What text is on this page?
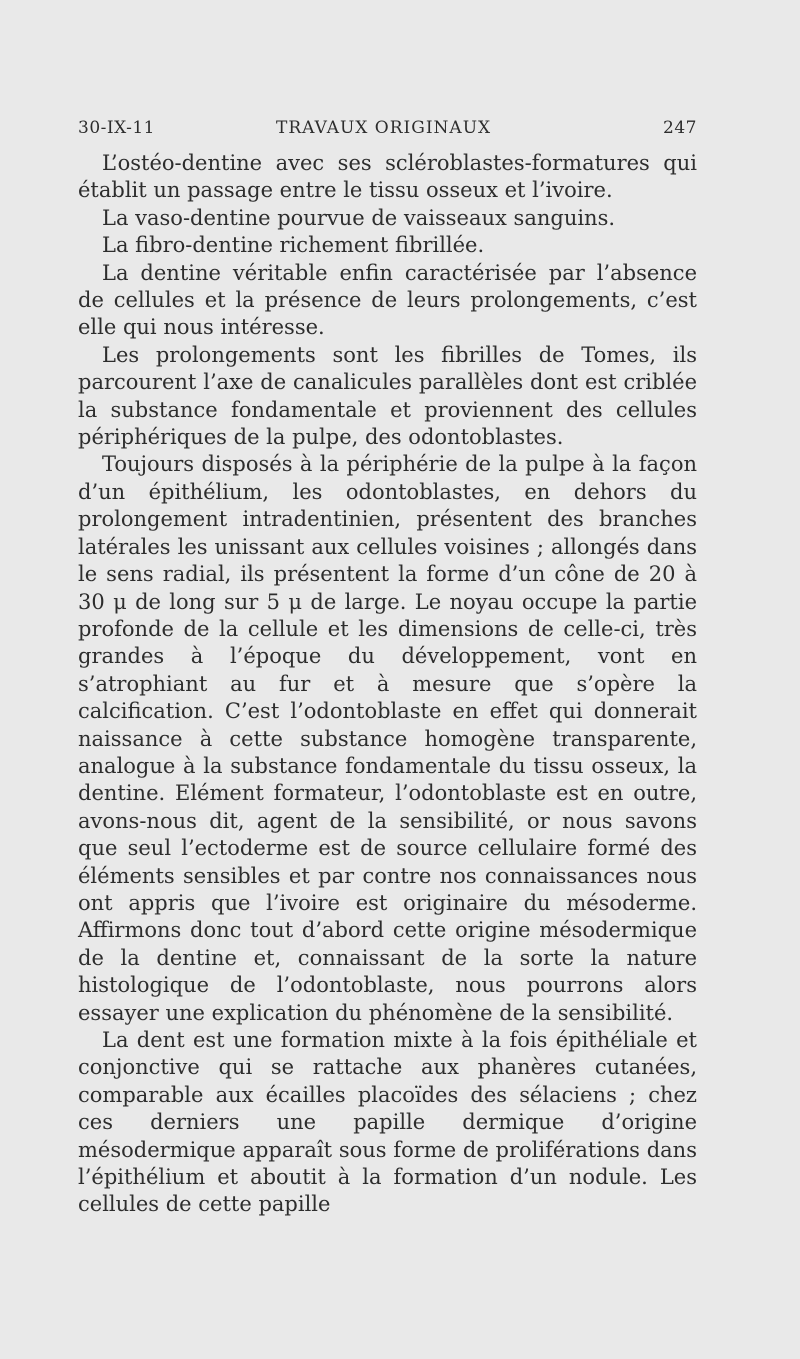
30-IX-11	TRAVAUX ORIGINAUX	247

L’ostéo-dentine avec ses scléroblastes-formatures qui établit un passage entre le tissu osseux et l’ivoire.

La vaso-dentine pourvue de vaisseaux sanguins.

La fibro-dentine richement fibrillée.

La dentine véritable enfin caractérisée par l’absence de cellules et la présence de leurs prolongements, c’est elle qui nous intéresse.

Les prolongements sont les fibrilles de Tomes, ils parcourent l’axe de canalicules parallèles dont est criblée la substance fondamentale et proviennent des cellules périphériques de la pulpe, des odontoblastes.

Toujours disposés à la périphérie de la pulpe à la façon d’un épithélium, les odontoblastes, en dehors du prolongement intradentinien, présentent des branches latérales les unissant aux cellules voisines ; allongés dans le sens radial, ils présentent la forme d’un cône de 20 à 30 μ de long sur 5 μ de large. Le noyau occupe la partie profonde de la cellule et les dimensions de celle-ci, très grandes à l’époque du développement, vont en s’atrophiant au fur et à mesure que s’opère la calcification. C’est l’odontoblaste en effet qui donnerait naissance à cette substance homogène transparente, analogue à la substance fondamentale du tissu osseux, la dentine. Elément formateur, l’odontoblaste est en outre, avons-nous dit, agent de la sensibilité, or nous savons que seul l’ectoderme est de source cellulaire formé des éléments sensibles et par contre nos connaissances nous ont appris que l’ivoire est originaire du mésoderme. Affirmons donc tout d’abord cette origine mésodermique de la dentine et, connaissant de la sorte la nature histologique de l’odontoblaste, nous pourrons alors essayer une explication du phénomène de la sensibilité.

La dent est une formation mixte à la fois épithéliale et conjonctive qui se rattache aux phanères cutanées, comparable aux écailles placoïdes des sélaciens ; chez ces derniers une papille dermique d’origine mésodermique apparaît sous forme de proliférations dans l’épithélium et aboutit à la formation d’un nodule. Les cellules de cette papille
